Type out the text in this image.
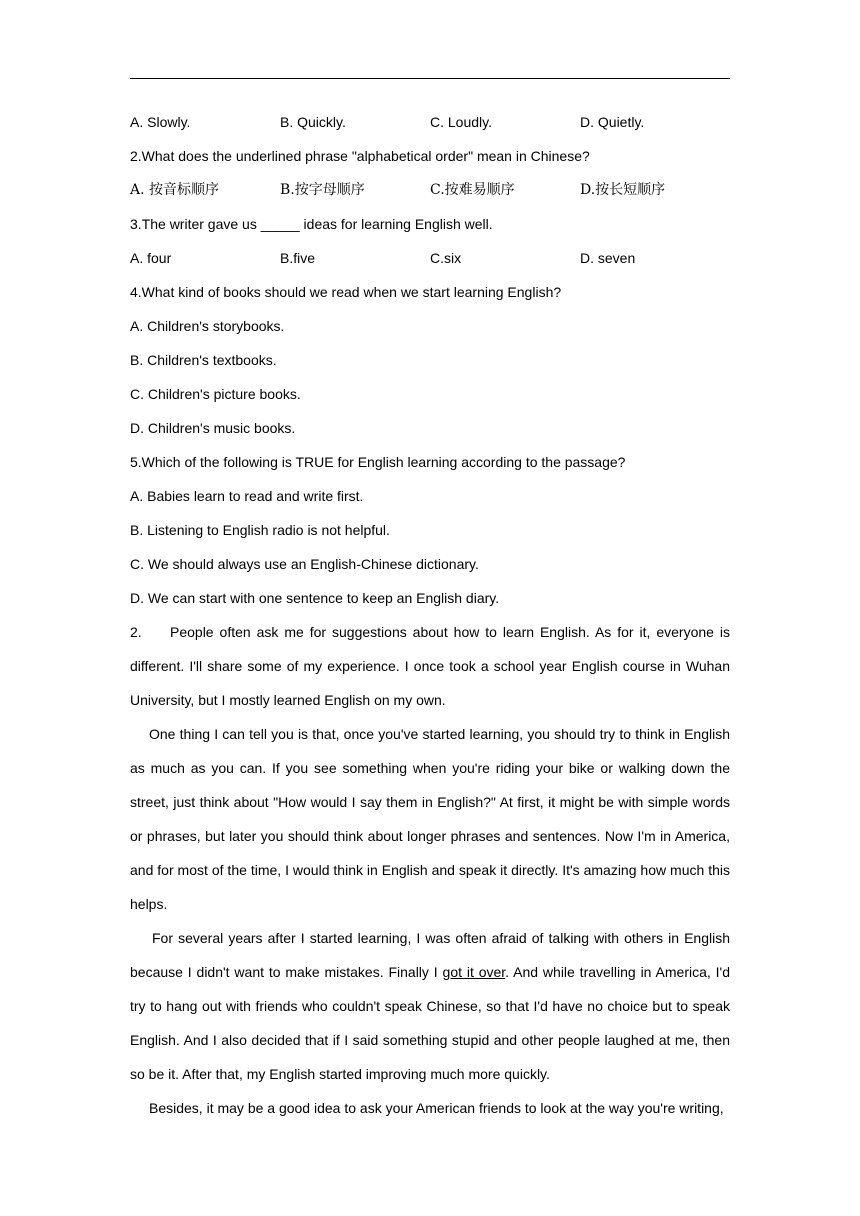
A. Slowly.	B. Quickly.	C. Loudly.	D. Quietly.
2.What does the underlined phrase "alphabetical order" mean in Chinese?
A. 按音标顺序	B.按字母顺序	C.按难易顺序	D.按长短顺序
3.The writer gave us _____ ideas for learning English well.
A. four	B.five	C.six	D. seven
4.What kind of books should we read when we start learning English?
A. Children's storybooks.
B. Children's textbooks.
C. Children's picture books.
D. Children's music books.
5.Which of the following is TRUE for English learning according to the passage?
A. Babies learn to read and write first.
B. Listening to English radio is not helpful.
C. We should always use an English-Chinese dictionary.
D. We can start with one sentence to keep an English diary.

2. People often ask me for suggestions about how to learn English. As for it, everyone is different. I'll share some of my experience. I once took a school year English course in Wuhan University, but I mostly learned English on my own.

One thing I can tell you is that, once you've started learning, you should try to think in English as much as you can. If you see something when you're riding your bike or walking down the street, just think about "How would I say them in English?" At first, it might be with simple words or phrases, but later you should think about longer phrases and sentences. Now I'm in America, and for most of the time, I would think in English and speak it directly. It's amazing how much this helps.

For several years after I started learning, I was often afraid of talking with others in English because I didn't want to make mistakes. Finally I got it over. And while travelling in America, I'd try to hang out with friends who couldn't speak Chinese, so that I'd have no choice but to speak English. And I also decided that if I said something stupid and other people laughed at me, then so be it. After that, my English started improving much more quickly.

Besides, it may be a good idea to ask your American friends to look at the way you're writing,
